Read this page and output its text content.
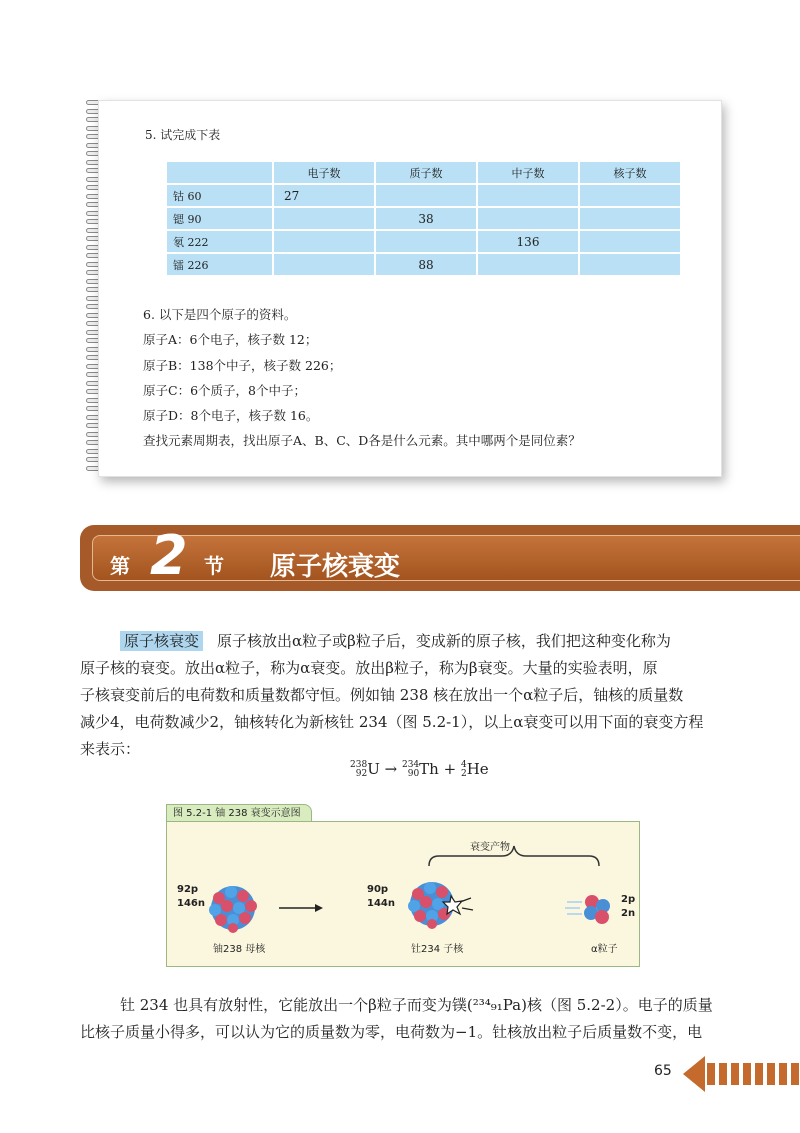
5. 试完成下表
	电子数	质子数	中子数	核子数
钴 60	27			
锶 90		38		
氡 222			136	
镭 226		88		

6. 以下是四个原子的资料。

原子A：6个电子，核子数 12；

原子B：138个中子，核子数 226；

原子C：6个质子，8个中子；

原子D：8个电子，核子数 16。

查找元素周期表，找出原子A、B、C、D各是什么元素。其中哪两个是同位素？

第 2 节 原子核衰变

原子核衰变 原子核放出α粒子或β粒子后，变成新的原子核，我们把这种变化称为

原子核的衰变。放出α粒子，称为α衰变。放出β粒子，称为β衰变。大量的实验表明，原

子核衰变前后的电荷数和质量数都守恒。例如铀 238 核在放出一个α粒子后，铀核的质量数

减少4，电荷数减少2，铀核转化为新核钍 234（图 5.2-1），以上α衰变可以用下面的衰变方程

来表示：

238
92U → 234
90Th + 4
2He
图 5.2-1 铀 238 衰变示意图
衰变产物
92p
146n
铀238 母核
90p
144n
钍234 子核
2p
2n
α粒子

钍 234 也具有放射性，它能放出一个β粒子而变为镤(²³⁴₉₁Pa)核（图 5.2-2）。电子的质量

比核子质量小得多，可以认为它的质量数为零，电荷数为−1。钍核放出粒子后质量数不变，电

65
